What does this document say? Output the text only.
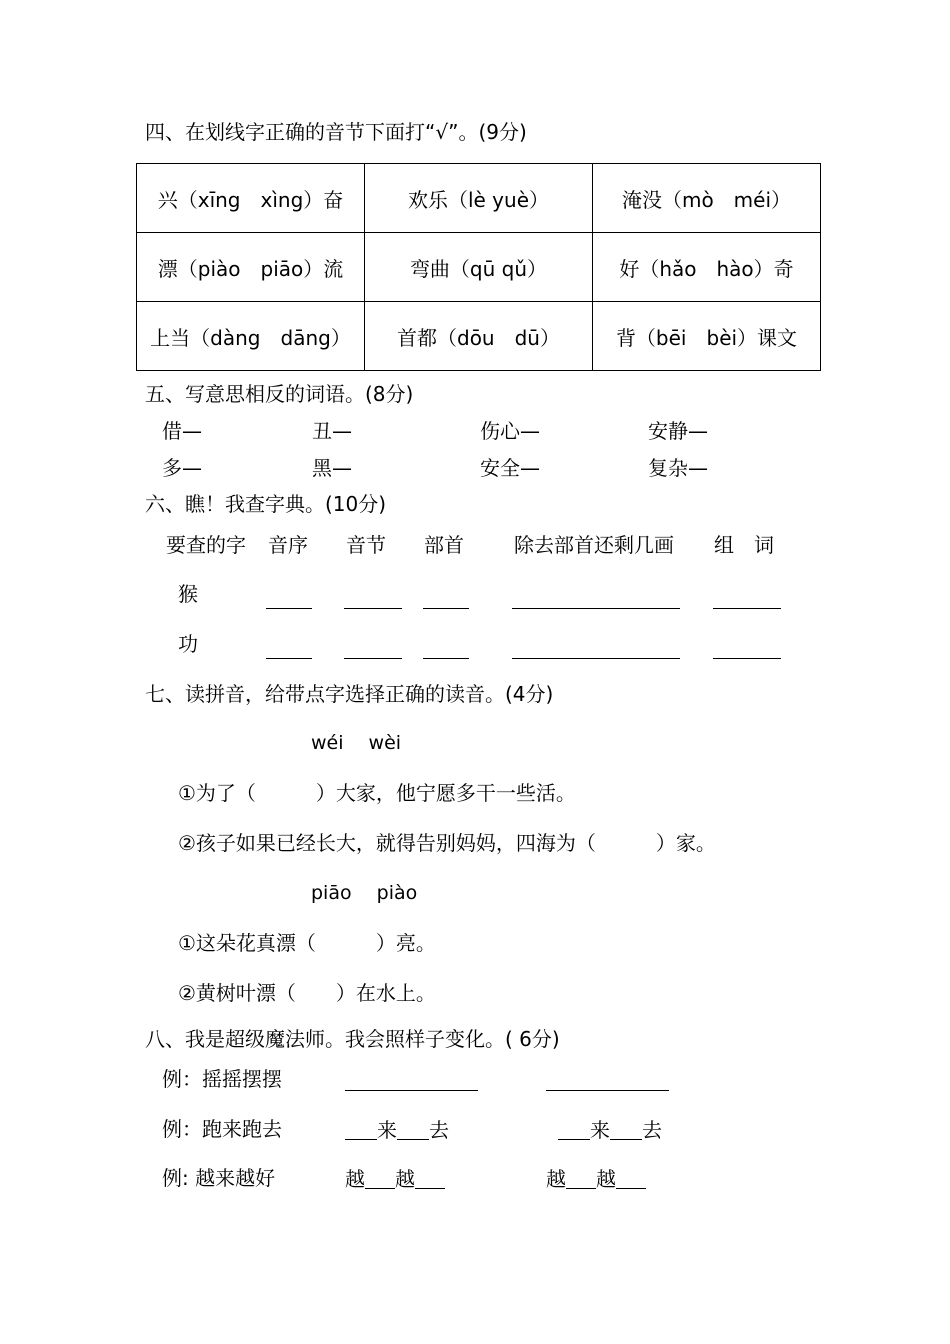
四、在划线字正确的音节下面打“√”。(9分)
兴（xīng　xìng）奋	欢乐（lè yuè）	淹没（mò　méi）
漂（piào　piāo）流	弯曲（qū qǔ）	好（hǎo　hào）奇
上当（dàng　dāng）	首都（dōu　dū）	背（bēi　bèi）课文
五、写意思相反的词语。(8分)
借—	丑—	伤心—	安静—
多—	黑—	安全—	复杂—
六、瞧！我查字典。(10分)
要查的字 音序 音节 部首	除去部首还剩几画 组　词
猴
功
七、读拼音，给带点字选择正确的读音。(4分)
wéi　 wèi
①为了（　　　）大家，他宁愿多干一些活。
②孩子如果已经长大，就得告别妈妈，四海为（　　　）家。
piāo　 piào
①这朵花真漂（　　　）亮。
②黄树叶漂（　　）在水上。
八、我是超级魔法师。我会照样子变化。( 6分)
例：摇摇摆摆
例：跑来跑去	来 去	来 去
例: 越来越好	越 越	越 越
